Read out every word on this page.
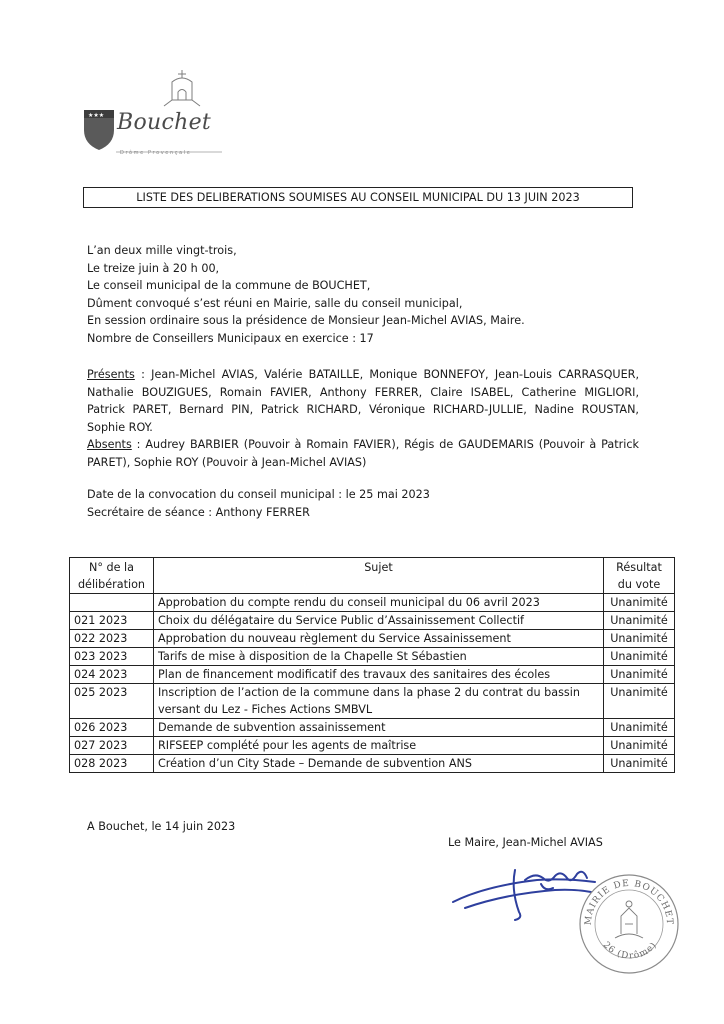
★★★ Bouchet
Drôme Provençale
LISTE DES DELIBERATIONS SOUMISES AU CONSEIL MUNICIPAL DU 13 JUIN 2023
L’an deux mille vingt-trois,
Le treize juin à 20 h 00,
Le conseil municipal de la commune de BOUCHET,
Dûment convoqué s’est réuni en Mairie, salle du conseil municipal,
En session ordinaire sous la présidence de Monsieur Jean-Michel AVIAS, Maire.
Nombre de Conseillers Municipaux en exercice : 17
Présents : Jean-Michel AVIAS, Valérie BATAILLE, Monique BONNEFOY, Jean-Louis CARRASQUER, Nathalie BOUZIGUES, Romain FAVIER, Anthony FERRER, Claire ISABEL, Catherine MIGLIORI, Patrick PARET, Bernard PIN, Patrick RICHARD, Véronique RICHARD-JULLIE, Nadine ROUSTAN, Sophie ROY.
Absents : Audrey BARBIER (Pouvoir à Romain FAVIER), Régis de GAUDEMARIS (Pouvoir à Patrick PARET), Sophie ROY (Pouvoir à Jean-Michel AVIAS)
Date de la convocation du conseil municipal : le 25 mai 2023
Secrétaire de séance : Anthony FERRER
N° de la délibération	Sujet	Résultat du vote
	Approbation du compte rendu du conseil municipal du 06 avril 2023	Unanimité
021 2023	Choix du délégataire du Service Public d’Assainissement Collectif	Unanimité
022 2023	Approbation du nouveau règlement du Service Assainissement	Unanimité
023 2023	Tarifs de mise à disposition de la Chapelle St Sébastien	Unanimité
024 2023	Plan de financement modificatif des travaux des sanitaires des écoles	Unanimité
025 2023	Inscription de l’action de la commune dans la phase 2 du contrat du bassin versant du Lez - Fiches Actions SMBVL	Unanimité
026 2023	Demande de subvention assainissement	Unanimité
027 2023	RIFSEEP complété pour les agents de maîtrise	Unanimité
028 2023	Création d’un City Stade – Demande de subvention ANS	Unanimité
A Bouchet, le 14 juin 2023
Le Maire, Jean-Michel AVIAS
MAIRIE DE BOUCHET
26 (Drôme)
